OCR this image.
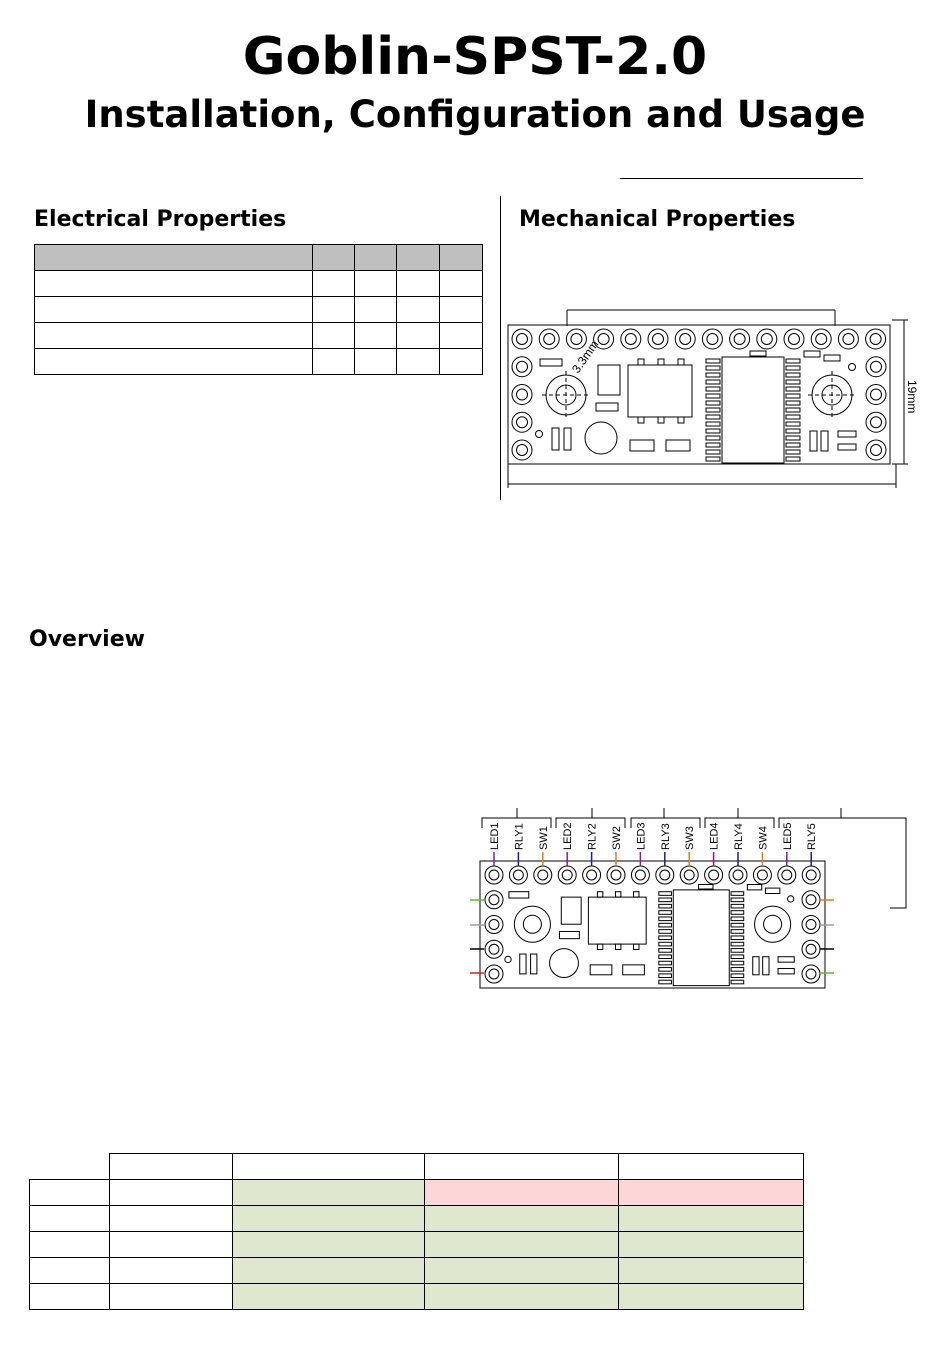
Goblin-SPST-2.0
Installation, Configuration and Usage
Electrical Properties	Mechanical Properties

3.3mm
19mm
Overview
LED1 RLY1 SW1 LED2 RLY2 SW2 LED3 RLY3 SW3 LED4 RLY4 SW4 LED5 RLY5
